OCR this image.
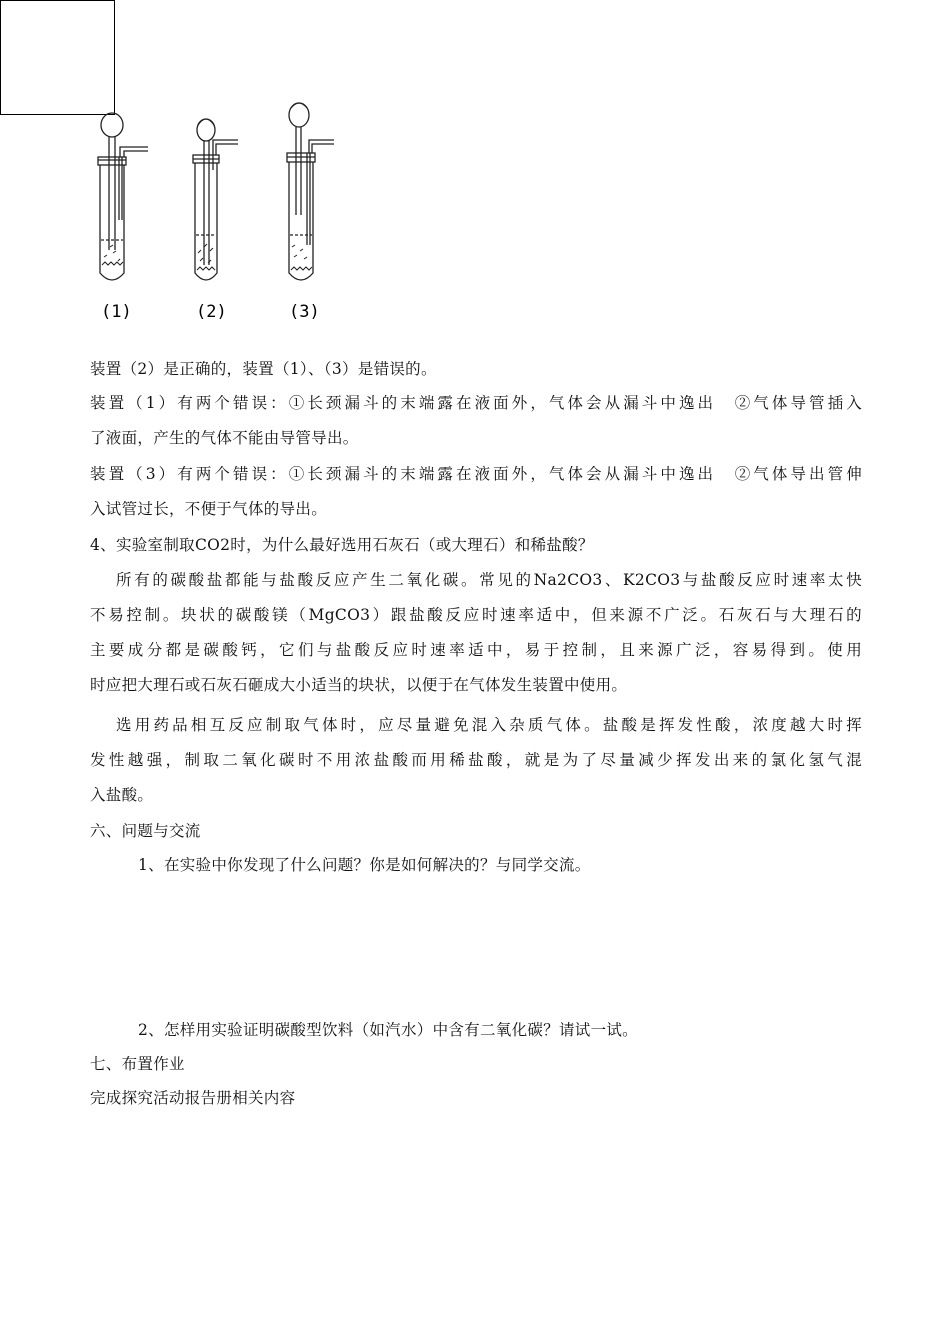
(1)	(2)	(3)
装置（2）是正确的，装置（1）、（3）是错误的。
装置（1）有两个错误：①长颈漏斗的末端露在液面外，气体会从漏斗中逸出　②气体导管插入
了液面，产生的气体不能由导管导出。
装置（3）有两个错误：①长颈漏斗的末端露在液面外，气体会从漏斗中逸出　②气体导出管伸
入试管过长，不便于气体的导出。
4、实验室制取CO2时，为什么最好选用石灰石（或大理石）和稀盐酸？
所有的碳酸盐都能与盐酸反应产生二氧化碳。常见的Na2CO3、K2CO3与盐酸反应时速率太快
不易控制。块状的碳酸镁（MgCO3）跟盐酸反应时速率适中，但来源不广泛。石灰石与大理石的
主要成分都是碳酸钙，它们与盐酸反应时速率适中，易于控制，且来源广泛，容易得到。使用
时应把大理石或石灰石砸成大小适当的块状，以便于在气体发生装置中使用。
选用药品相互反应制取气体时，应尽量避免混入杂质气体。盐酸是挥发性酸，浓度越大时挥
发性越强，制取二氧化碳时不用浓盐酸而用稀盐酸，就是为了尽量减少挥发出来的氯化氢气混
入盐酸。
六、问题与交流
1、在实验中你发现了什么问题？你是如何解决的？与同学交流。
2、怎样用实验证明碳酸型饮料（如汽水）中含有二氧化碳？请试一试。
七、布置作业
完成探究活动报告册相关内容
